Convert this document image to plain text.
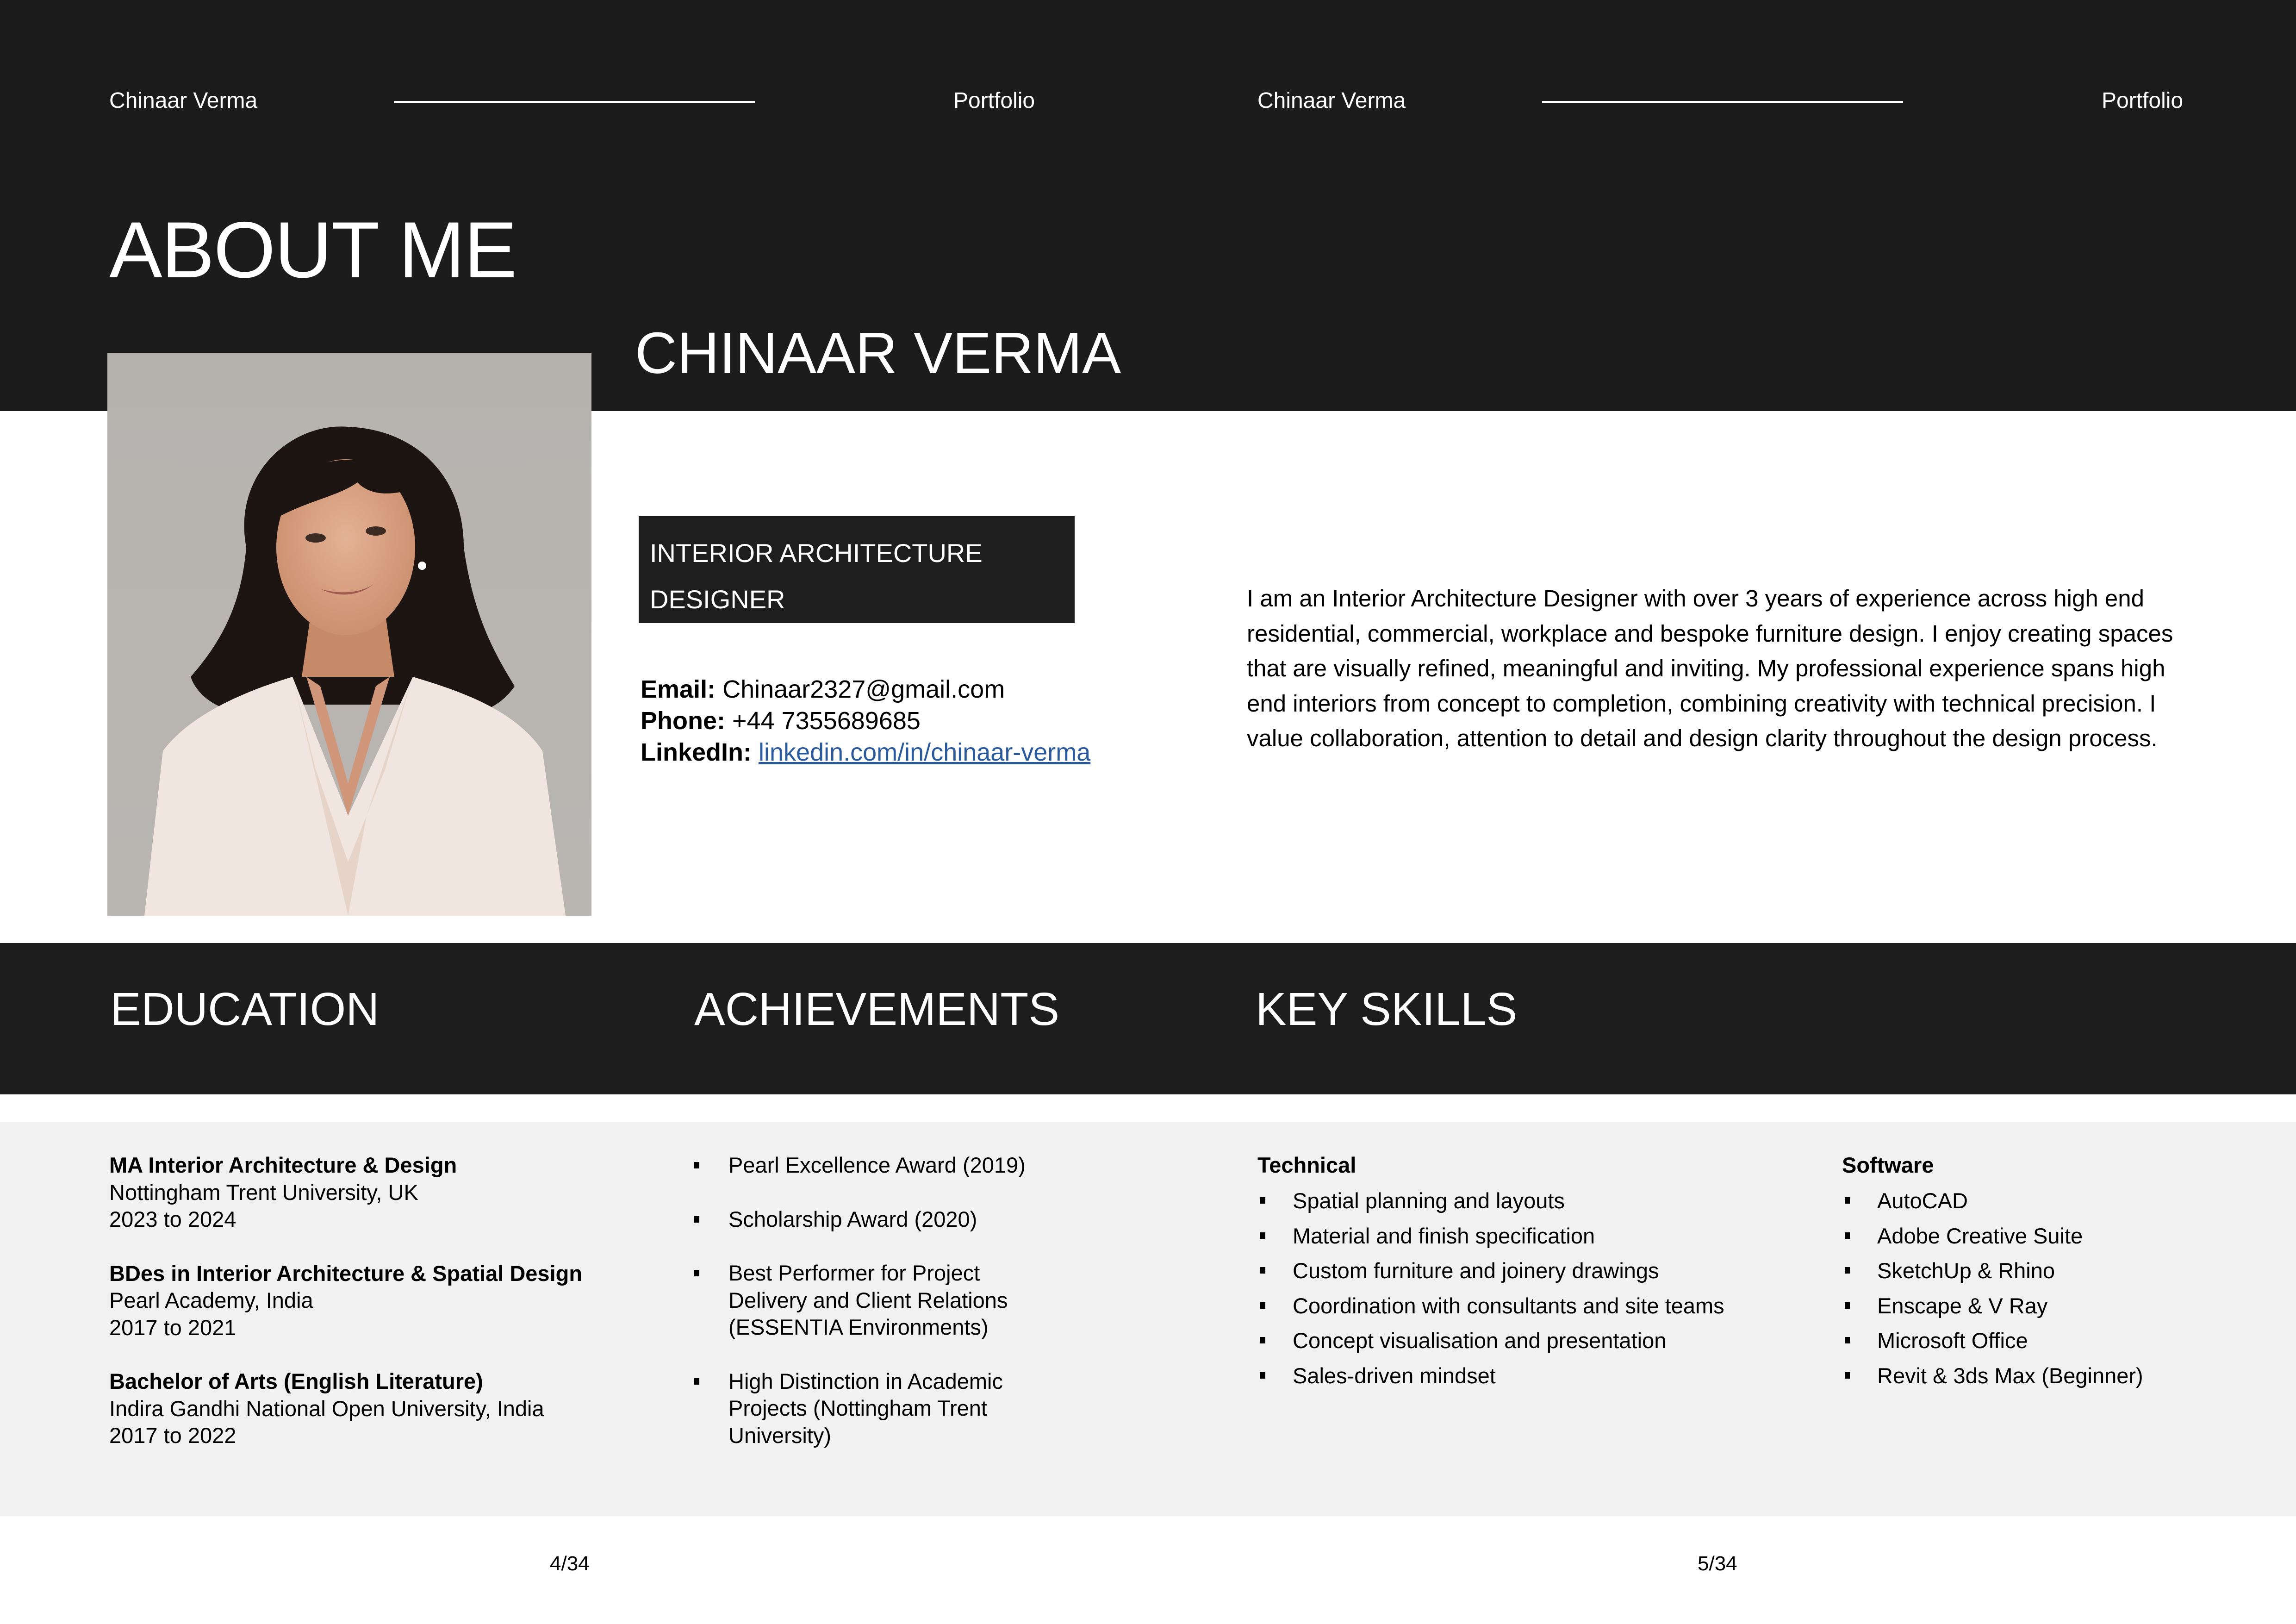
Chinaar Verma	Portfolio	Chinaar Verma	Portfolio
ABOUT ME
CHINAAR VERMA
INTERIOR ARCHITECTURE
DESIGNER
Email: Chinaar2327@gmail.com
Phone: +44 7355689685
LinkedIn: linkedin.com/in/chinaar-verma

I am an Interior Architecture Designer with over 3 years of experience across high end residential, commercial, workplace and bespoke furniture design. I enjoy creating spaces that are visually refined, meaningful and inviting. My professional experience spans high end interiors from concept to completion, combining creativity with technical precision. I value collaboration, attention to detail and design clarity throughout the design process.

EDUCATION	ACHIEVEMENTS	KEY SKILLS
MA Interior Architecture & Design
Nottingham Trent University, UK
2023 to 2024
BDes in Interior Architecture & Spatial Design
Pearl Academy, India
2017 to 2021
Bachelor of Arts (English Literature)
Indira Gandhi National Open University, India
2017 to 2022
Pearl Excellence Award (2019)
Scholarship Award (2020)
Best Performer for Project
Delivery and Client Relations
(ESSENTIA Environments)
High Distinction in Academic
Projects (Nottingham Trent
University)
Technical
Spatial planning and layouts
Material and finish specification
Custom furniture and joinery drawings
Coordination with consultants and site teams
Concept visualisation and presentation
Sales-driven mindset
Software
AutoCAD
Adobe Creative Suite
SketchUp & Rhino
Enscape & V Ray
Microsoft Office
Revit & 3ds Max (Beginner)
4/34	5/34
